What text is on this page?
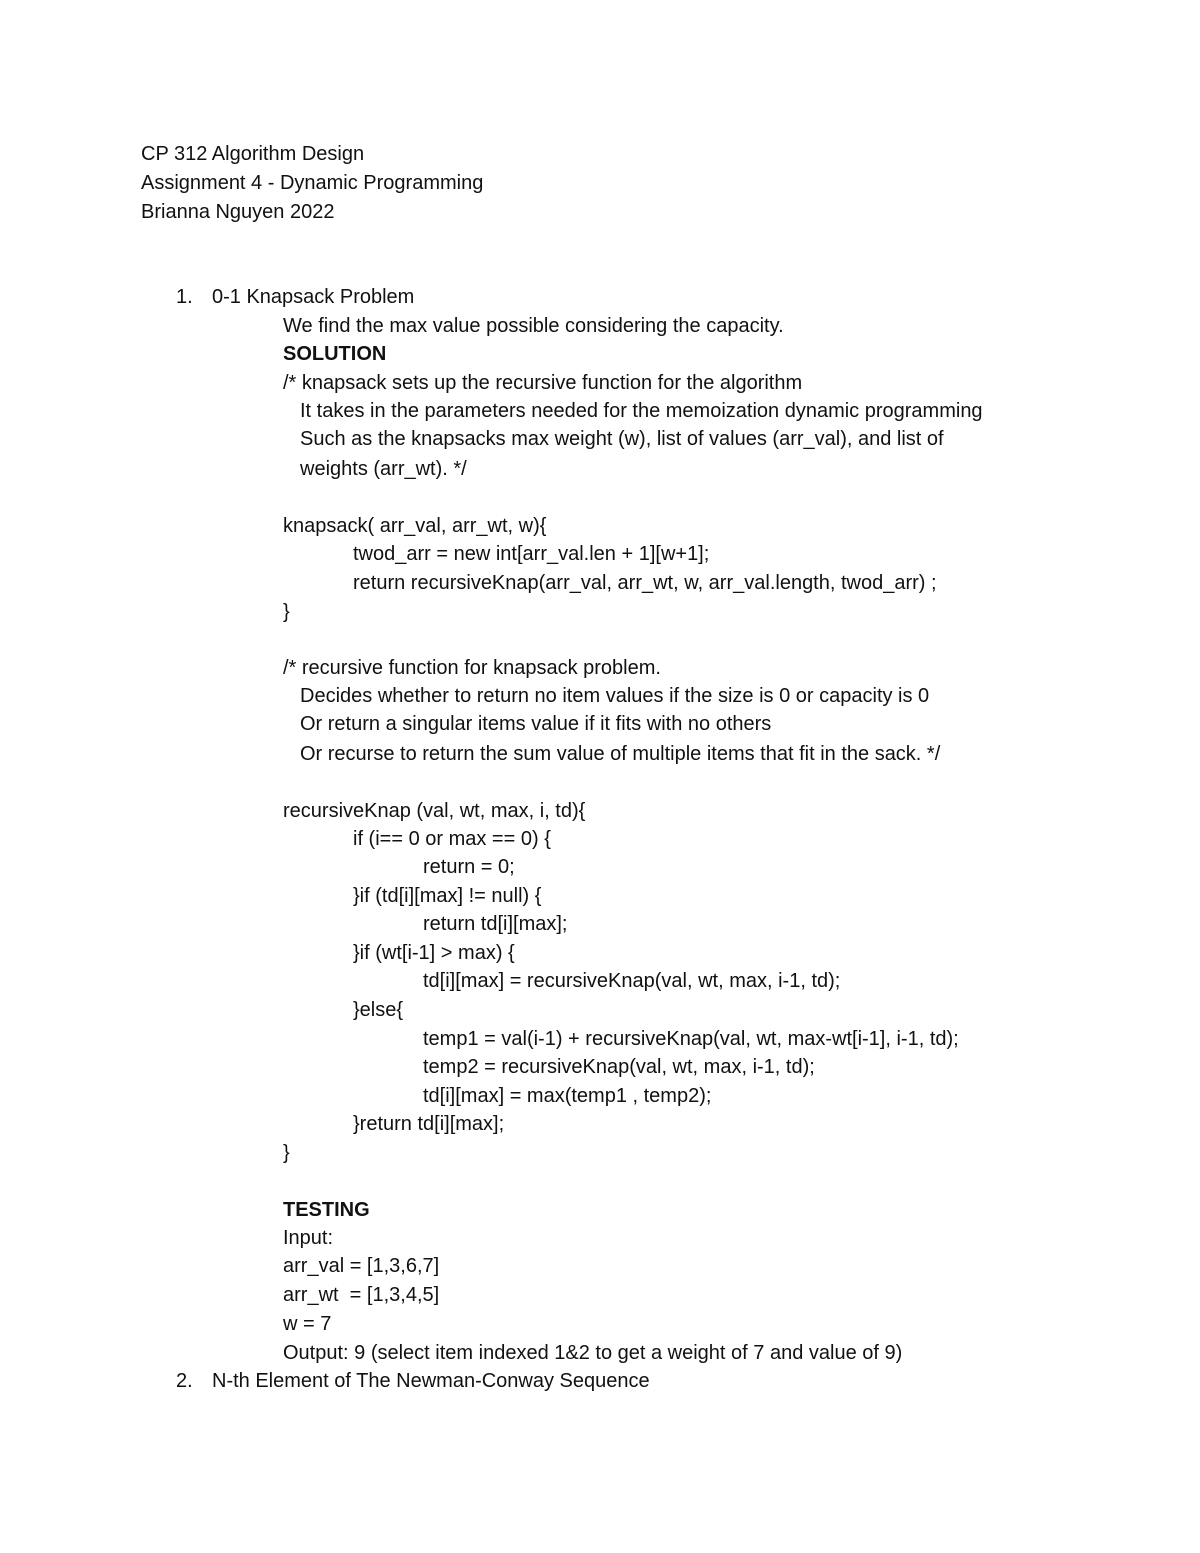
CP 312 Algorithm Design

Assignment 4 - Dynamic Programming

Brianna Nguyen 2022

1. 0-1 Knapsack Problem

We find the max value possible considering the capacity.

SOLUTION

/* knapsack sets up the recursive function for the algorithm

It takes in the parameters needed for the memoization dynamic programming

Such as the knapsacks max weight (w), list of values (arr_val), and list of

weights (arr_wt). */

knapsack( arr_val, arr_wt, w){

twod_arr = new int[arr_val.len + 1][w+1];

return recursiveKnap(arr_val, arr_wt, w, arr_val.length, twod_arr) ;

}

/* recursive function for knapsack problem.

Decides whether to return no item values if the size is 0 or capacity is 0

Or return a singular items value if it fits with no others

Or recurse to return the sum value of multiple items that fit in the sack. */

recursiveKnap (val, wt, max, i, td){

if (i== 0 or max == 0) {

return = 0;

}if (td[i][max] != null) {

return td[i][max];

}if (wt[i-1] > max) {

td[i][max] = recursiveKnap(val, wt, max, i-1, td);

}else{

temp1 = val(i-1) + recursiveKnap(val, wt, max-wt[i-1], i-1, td);

temp2 = recursiveKnap(val, wt, max, i-1, td);

td[i][max] = max(temp1 , temp2);

}return td[i][max];

}

TESTING

Input:

arr_val = [1,3,6,7]

arr_wt  = [1,3,4,5]

w = 7

Output: 9 (select item indexed 1&2 to get a weight of 7 and value of 9)

2. N-th Element of The Newman-Conway Sequence
